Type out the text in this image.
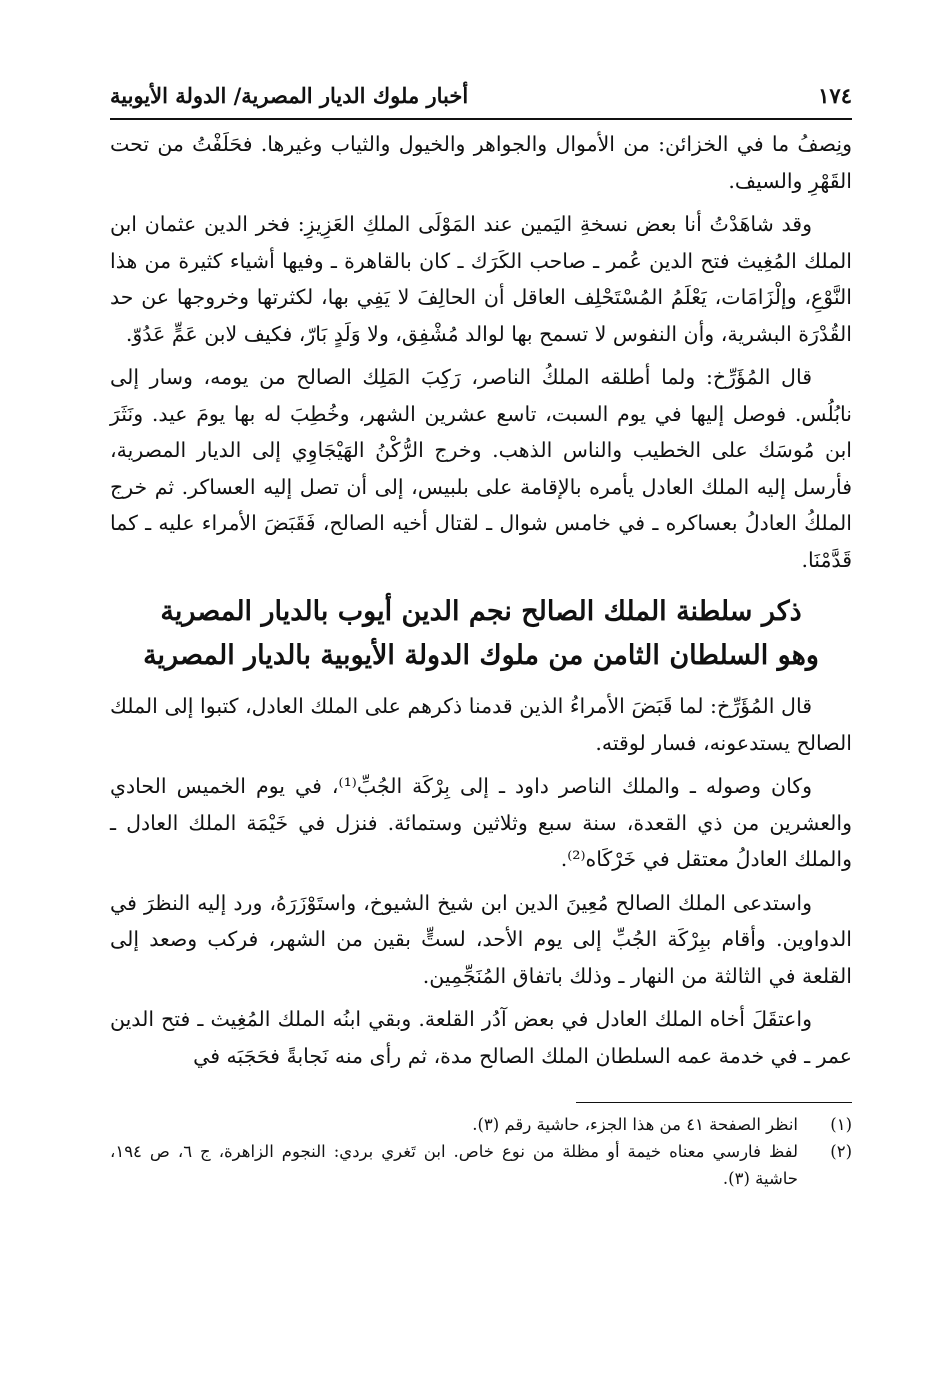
١٧٤
أخبار ملوك الديار المصرية/ الدولة الأيوبية

ونِصفُ ما في الخزائن: من الأموال والجواهر والخيول والثياب وغيرها. فحَلَفْتُ من تحت القَهْرِ والسيف.

وقد شاهَدْتُ أنا بعض نسخةِ اليَمين عند المَوْلَى الملكِ العَزِيزِ: فخر الدين عثمان ابن الملك المُغِيث فتح الدين عُمر ـ صاحب الكَرَك ـ كان بالقاهرة ـ وفيها أشياء كثيرة من هذا النَّوْعِ، وإلْزَامَات، يَعْلَمُ المُسْتَحْلِف العاقل أن الحالِفَ لا يَفِي بها، لكثرتها وخروجها عن حد القُدْرَة البشرية، وأن النفوس لا تسمح بها لوالد مُشْفِق، ولا وَلَدٍ بَارّ، فكيف لابن عَمٍّ عَدُوّ.

قال المُؤَرِّخ: ولما أطلقه الملكُ الناصر، رَكِبَ المَلِك الصالح من يومه، وسار إلى نابُلُس. فوصل إليها في يوم السبت، تاسع عشرين الشهر، وخُطِبَ له بها يومَ عيد. ونَثَرَ ابن مُوسَك على الخطيب والناس الذهب. وخرج الرُّكْنُ الهَيْجَاوِي إلى الديار المصرية، فأرسل إليه الملك العادل يأمره بالإقامة على بلبيس، إلى أن تصل إليه العساكر. ثم خرج الملكُ العادلُ بعساكره ـ في خامس شوال ـ لقتال أخيه الصالح، فَقَبَضَ الأمراء عليه ـ كما قَدَّمْنَا.

ذكر سلطنة الملك الصالح نجم الدين أيوب بالديار المصرية
وهو السلطان الثامن من ملوك الدولة الأيوبية بالديار المصرية

قال المُؤَرِّخ: لما قَبَضَ الأمراءُ الذين قدمنا ذكرهم على الملك العادل، كتبوا إلى الملك الصالح يستدعونه، فسار لوقته.

وكان وصوله ـ والملك الناصر داود ـ إلى بِرْكَة الجُبِّ⁽¹⁾، في يوم الخميس الحادي والعشرين من ذي القعدة، سنة سبع وثلاثين وستمائة. فنزل في خَيْمَة الملك العادل ـ والملك العادلُ معتقل في خَرْكَاه⁽²⁾.

واستدعى الملك الصالح مُعِينَ الدين ابن شيخ الشيوخ، واستَوْزَرَهُ، ورد إليه النظرَ في الدواوين. وأقام ببِرْكَة الجُبِّ إلى يوم الأحد، لستٍّ بقين من الشهر، فركب وصعد إلى القلعة في الثالثة من النهار ـ وذلك باتفاق المُنَجِّمِين.

واعتقَلَ أخاه الملك العادل في بعض آدُر القلعة. وبقي ابنُه الملك المُغِيث ـ فتح الدين عمر ـ في خدمة عمه السلطان الملك الصالح مدة، ثم رأى منه نَجابةً فحَجَبَه في

(١)
انظر الصفحة ٤١ من هذا الجزء، حاشية رقم (٣).
(٢)
لفظ فارسي معناه خيمة أو مظلة من نوع خاص. ابن تَغري بردي: النجوم الزاهرة، ج ٦، ص ١٩٤، حاشية (٣).
